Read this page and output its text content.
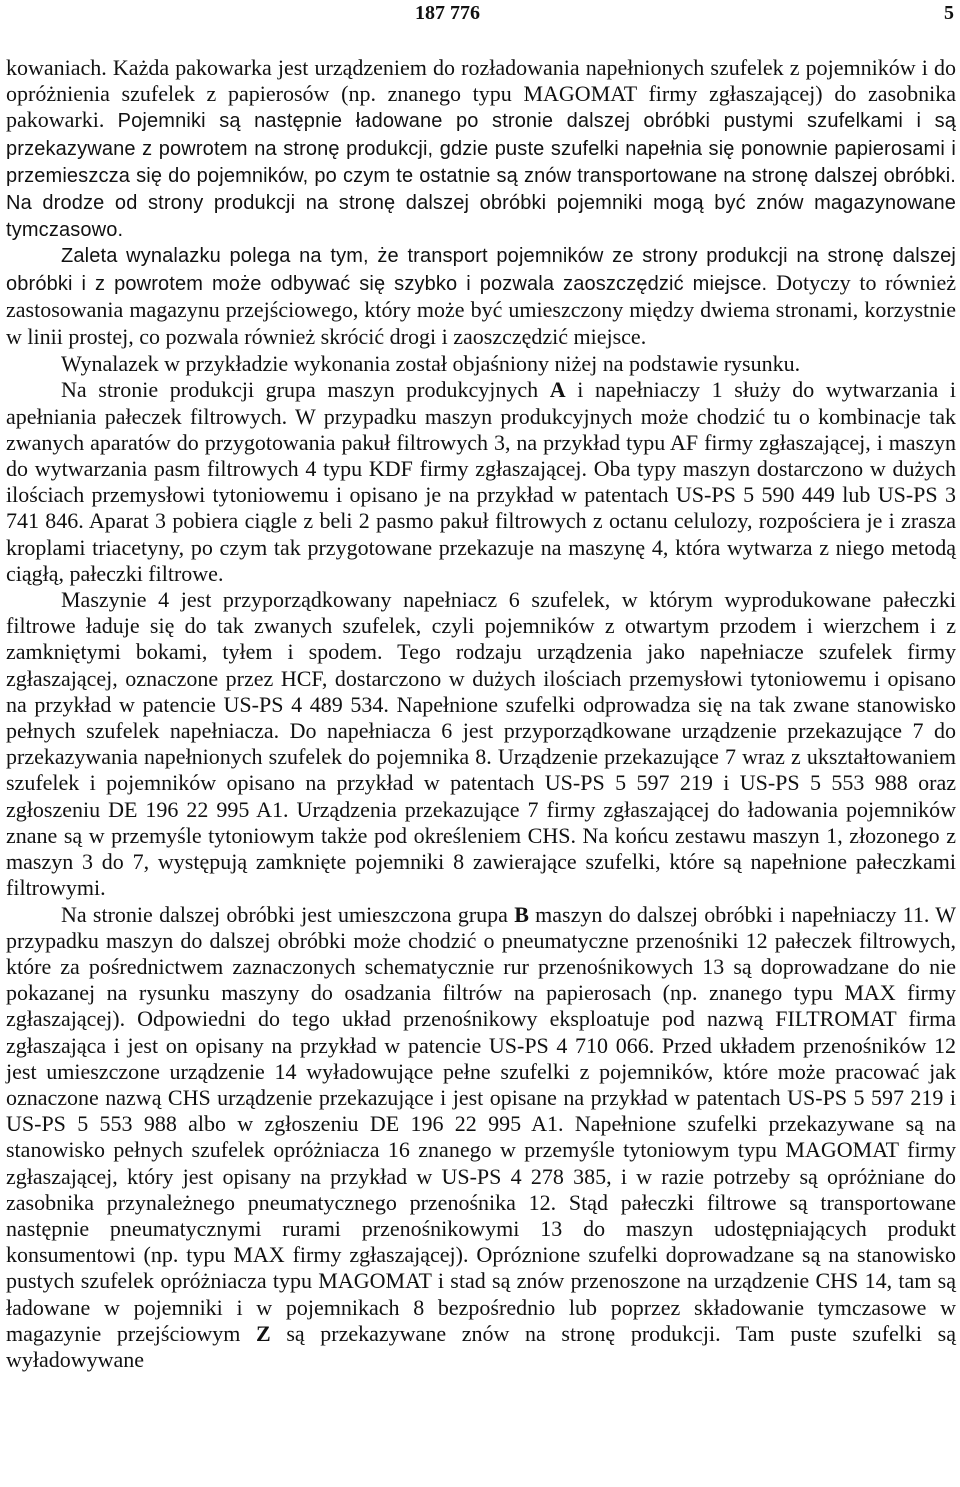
187 776	5

kowaniach. Każda pakowarka jest urządzeniem do rozładowania napełnionych szufelek z pojemników i do opróżnienia szufelek z papierosów (np. znanego typu MAGOMAT firmy zgłaszającej) do zasobnika pakowarki. Pojemniki są następnie ładowane po stronie dalszej obróbki pustymi szufelkami i są przekazywane z powrotem na stronę produkcji, gdzie puste szufelki napełnia się ponownie papierosami i przemieszcza się do pojemników, po czym te ostatnie są znów transportowane na stronę dalszej obróbki. Na drodze od strony produkcji na stronę dalszej obróbki pojemniki mogą być znów magazynowane tymczasowo.

Zaleta wynalazku polega na tym, że transport pojemników ze strony produkcji na stronę dalszej obróbki i z powrotem może odbywać się szybko i pozwala zaoszczędzić miejsce. Dotyczy to również zastosowania magazynu przejściowego, który może być umieszczony między dwiema stronami, korzystnie w linii prostej, co pozwala również skrócić drogi i zaoszczędzić miejsce.

Wynalazek w przykładzie wykonania został objaśniony niżej na podstawie rysunku.

Na stronie produkcji grupa maszyn produkcyjnych A i napełniaczy 1 służy do wytwarzania i apełniania pałeczek filtrowych. W przypadku maszyn produkcyjnych może chodzić tu o kombinacje tak zwanych aparatów do przygotowania pakuł filtrowych 3, na przykład typu AF firmy zgłaszającej, i maszyn do wytwarzania pasm filtrowych 4 typu KDF firmy zgłaszającej. Oba typy maszyn dostarczono w dużych ilościach przemysłowi tytoniowemu i opisano je na przykład w patentach US-PS 5 590 449 lub US-PS 3 741 846. Aparat 3 pobiera ciągle z beli 2 pasmo pakuł filtrowych z octanu celulozy, rozpościera je i zrasza kroplami triacetyny, po czym tak przygotowane przekazuje na maszynę 4, która wytwarza z niego metodą ciągłą, pałeczki filtrowe.

Maszynie 4 jest przyporządkowany napełniacz 6 szufelek, w którym wyprodukowane pałeczki filtrowe ładuje się do tak zwanych szufelek, czyli pojemników z otwartym przodem i wierzchem i z zamkniętymi bokami, tyłem i spodem. Tego rodzaju urządzenia jako napełniacze szufelek firmy zgłaszającej, oznaczone przez HCF, dostarczono w dużych ilościach przemysłowi tytoniowemu i opisano na przykład w patencie US-PS 4 489 534. Napełnione szufelki odprowadza się na tak zwane stanowisko pełnych szufelek napełniacza. Do napełniacza 6 jest przyporządkowane urządzenie przekazujące 7 do przekazywania napełnionych szufelek do pojemnika 8. Urządzenie przekazujące 7 wraz z ukształtowaniem szufelek i pojemników opisano na przykład w patentach US-PS 5 597 219 i US-PS 5 553 988 oraz zgłoszeniu DE 196 22 995 A1. Urządzenia przekazujące 7 firmy zgłaszającej do ładowania pojemników znane są w przemyśle tytoniowym także pod określeniem CHS. Na końcu zestawu maszyn 1, złozonego z maszyn 3 do 7, występują zamknięte pojemniki 8 zawierające szufelki, które są napełnione pałeczkami filtrowymi.

Na stronie dalszej obróbki jest umieszczona grupa B maszyn do dalszej obróbki i napełniaczy 11. W przypadku maszyn do dalszej obróbki może chodzić o pneumatyczne przenośniki 12 pałeczek filtrowych, które za pośrednictwem zaznaczonych schematycznie rur przenośnikowych 13 są doprowadzane do nie pokazanej na rysunku maszyny do osadzania filtrów na papierosach (np. znanego typu MAX firmy zgłaszającej). Odpowiedni do tego układ przenośnikowy eksploatuje pod nazwą FILTROMAT firma zgłaszająca i jest on opisany na przykład w patencie US-PS 4 710 066. Przed układem przenośników 12 jest umieszczone urządzenie 14 wyładowujące pełne szufelki z pojemników, które może pracować jak oznaczone nazwą CHS urządzenie przekazujące i jest opisane na przykład w patentach US-PS 5 597 219 i US-PS 5 553 988 albo w zgłoszeniu DE 196 22 995 A1. Napełnione szufelki przekazywane są na stanowisko pełnych szufelek opróżniacza 16 znanego w przemyśle tytoniowym typu MAGOMAT firmy zgłaszającej, który jest opisany na przykład w US-PS 4 278 385, i w razie potrzeby są opróżniane do zasobnika przynależnego pneumatycznego przenośnika 12. Stąd pałeczki filtrowe są transportowane następnie pneumatycznymi rurami przenośnikowymi 13 do maszyn udostępniających produkt konsumentowi (np. typu MAX firmy zgłaszającej). Opróznione szufelki doprowadzane są na stanowisko pustych szufelek opróżniacza typu MAGOMAT i stad są znów przenoszone na urządzenie CHS 14, tam są ładowane w pojemniki i w pojemnikach 8 bezpośrednio lub poprzez składowanie tymczasowe w magazynie przejściowym Z są przekazywane znów na stronę produkcji. Tam puste szufelki są wyładowywane
